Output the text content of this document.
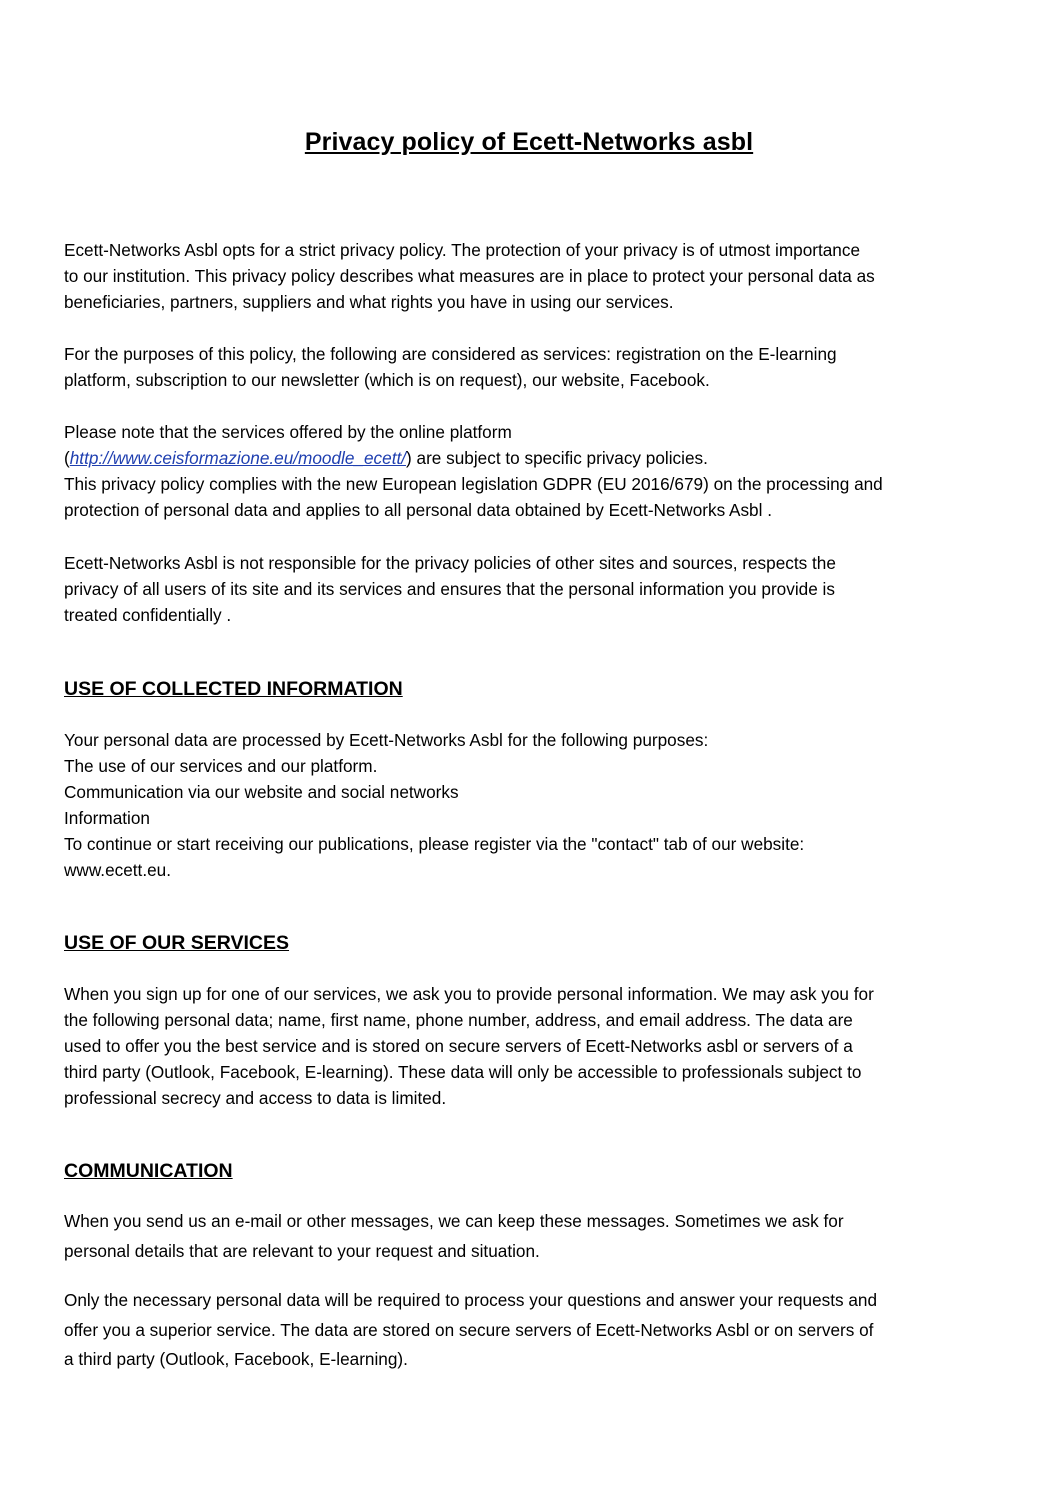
Privacy policy of Ecett-Networks asbl
Ecett-Networks Asbl opts for a strict privacy policy. The protection of your privacy is of utmost importance
to our institution. This privacy policy describes what measures are in place to protect your personal data as
beneficiaries, partners, suppliers and what rights you have in using our services.
For the purposes of this policy, the following are considered as services: registration on the E-learning
platform, subscription to our newsletter (which is on request), our website, Facebook.
Please note that the services offered by the online platform
(http://www.ceisformazione.eu/moodle_ecett/) are subject to specific privacy policies.
This privacy policy complies with the new European legislation GDPR (EU 2016/679) on the processing and
protection of personal data and applies to all personal data obtained by Ecett-Networks Asbl .
Ecett-Networks Asbl is not responsible for the privacy policies of other sites and sources, respects the
privacy of all users of its site and its services and ensures that the personal information you provide is
treated confidentially .
USE OF COLLECTED INFORMATION
Your personal data are processed by Ecett-Networks Asbl for the following purposes:
The use of our services and our platform.
Communication via our website and social networks
Information
To continue or start receiving our publications, please register via the "contact" tab of our website:
www.ecett.eu.
USE OF OUR SERVICES
When you sign up for one of our services, we ask you to provide personal information. We may ask you for
the following personal data; name, first name, phone number, address, and email address. The data are
used to offer you the best service and is stored on secure servers of Ecett-Networks asbl or servers of a
third party (Outlook, Facebook, E-learning). These data will only be accessible to professionals subject to
professional secrecy and access to data is limited.
COMMUNICATION
When you send us an e-mail or other messages, we can keep these messages. Sometimes we ask for
personal details that are relevant to your request and situation.
Only the necessary personal data will be required to process your questions and answer your requests and
offer you a superior service. The data are stored on secure servers of Ecett-Networks Asbl or on servers of
a third party (Outlook, Facebook, E-learning).
